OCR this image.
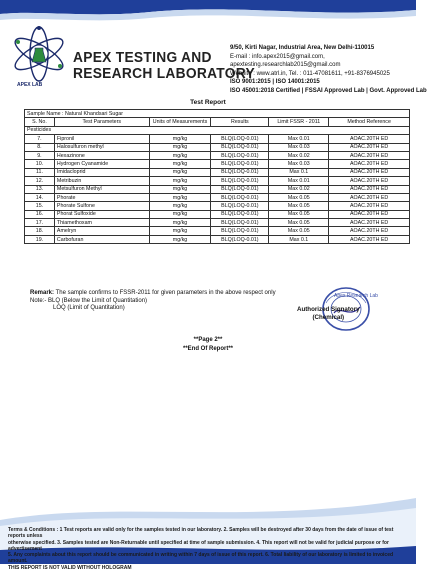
APEX LAB
APEX TESTING AND
RESEARCH LABORATORY
9/50, Kirti Nagar, Industrial Area, New Delhi-110015
E-mail : info.apex2015@gmail.com,
apextesting.researchlab2015@gmail.com
Website : www.atrl.in, Tel. : 011-47081611, +91-8376945025
ISO 9001:2015 | ISO 14001:2015
ISO 45001:2018 Certified | FSSAI Approved Lab | Govt. Approved Lab
Test Report
Sample Name : Natural Khandsari Sugar					
S. No.	Test Parameters	Units of Measurements	Results	Limit FSSR - 2011	Method Reference
Pesticides					
7.	Fipronil	mg/kg	BLQ(LOQ-0.01)	Max 0.01	AOAC.20TH ED
8.	Halosulfuron methyl	mg/kg	BLQ(LOQ-0.01)	Max 0.03	AOAC.20TH ED
9.	Hexazinone	mg/kg	BLQ(LOQ-0.01)	Max 0.02	AOAC.20TH ED
10.	Hydrogen Cyanamide	mg/kg	BLQ(LOQ-0.01)	Max 0.03	AOAC.20TH ED
11.	Imidacloprid	mg/kg	BLQ(LOQ-0.01)	Max 0.1	AOAC.20TH ED
12.	Metribuzin	mg/kg	BLQ(LOQ-0.01)	Max 0.01	AOAC.20TH ED
13.	Metsulfuron Methyl	mg/kg	BLQ(LOQ-0.01)	Max 0.02	AOAC.20TH ED
14.	Phorate	mg/kg	BLQ(LOQ-0.01)	Max 0.05	AOAC.20TH ED
15.	Phorate Sulfone	mg/kg	BLQ(LOQ-0.01)	Max 0.05	AOAC.20TH ED
16.	Phorat Sulfoxide	mg/kg	BLQ(LOQ-0.01)	Max 0.05	AOAC.20TH ED
17.	Thiamethoxam	mg/kg	BLQ(LOQ-0.01)	Max 0.05	AOAC.20TH ED
18.	Amelryn	mg/kg	BLQ(LOQ-0.01)	Max 0.05	AOAC.20TH ED
19.	Carbofuran	mg/kg	BLQ(LOQ-0.01)	Max 0.1	AOAC.20TH ED
Remark: The sample confirms to FSSR-2011 for given parameters in the above respect only
Note:- BLQ (Below the Limit of Quantitation)
LOQ (Limit of Quantitation)
Apex Research Lab
Authorized Signatory
(Chemical)
**Page 2**
**End Of Report**
Terms & Conditions : 1 Test reports are valid only for the samples tested in our laboratory. 2. Samples will be destroyed after 30 days from the date of issue of test reports unless
otherwise specified. 3. Samples tested are Non-Returnable until specified at time of sample submission. 4. This report will not be valid for judicial purpose or for advertisement
5. Any complaints about this report should be communicated in writing within 7 days of issue of this report. 6. Total liability of our laboratory is limited to invoiced amount.
THIS REPORT IS NOT VALID WITHOUT HOLOGRAM
